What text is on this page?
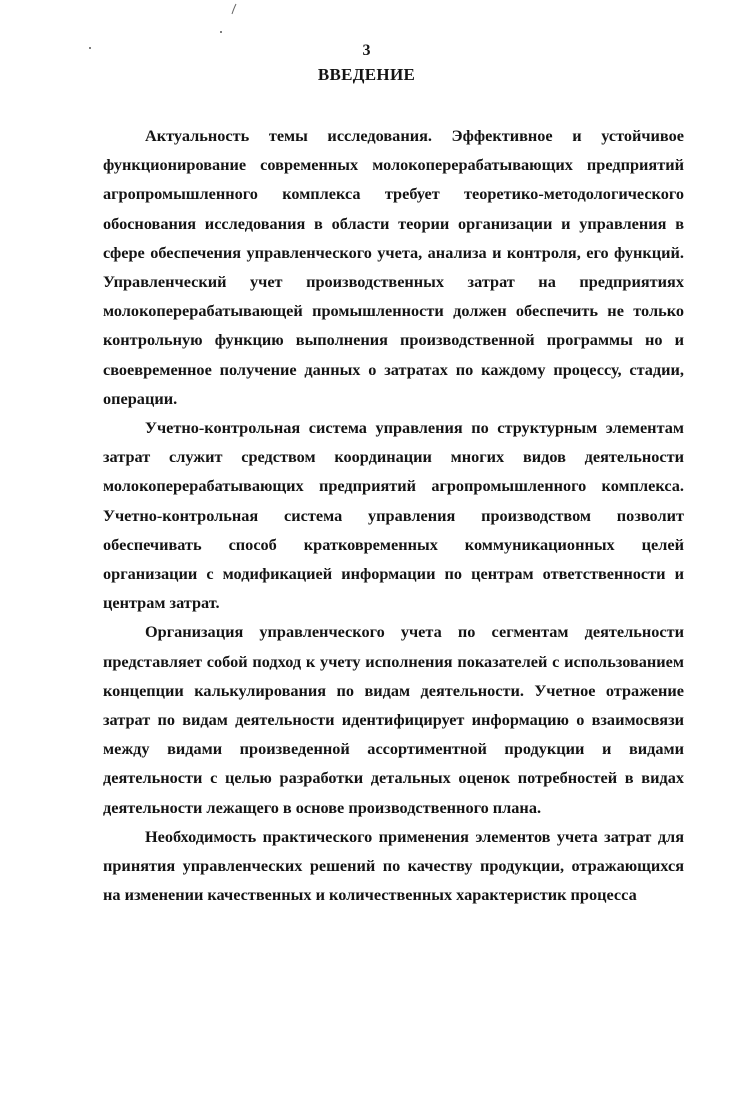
3
ВВЕДЕНИЕ

Актуальность темы исследования. Эффективное и устойчивое функционирование современных молокоперерабатывающих предприятий агропромышленного комплекса требует теоретико-методологического обоснования исследования в области теории организации и управления в сфере обеспечения управленческого учета, анализа и контроля, его функций. Управленческий учет производственных затрат на предприятиях молокоперерабатывающей промышленности должен обеспечить не только контрольную функцию выполнения производственной программы но и своевременное получение данных о затратах по каждому процессу, стадии, операции.

Учетно-контрольная система управления по структурным элементам затрат служит средством координации многих видов деятельности молокоперерабатывающих предприятий агропромышленного комплекса. Учетно-контрольная система управления производством позволит обеспечивать способ кратковременных коммуникационных целей организации с модификацией информации по центрам ответственности и центрам затрат.

Организация управленческого учета по сегментам деятельности представляет собой подход к учету исполнения показателей с использованием концепции калькулирования по видам деятельности. Учетное отражение затрат по видам деятельности идентифицирует информацию о взаимосвязи между видами произведенной ассортиментной продукции и видами деятельности с целью разработки детальных оценок потребностей в видах деятельности лежащего в основе производственного плана.

Необходимость практического применения элементов учета затрат для принятия управленческих решений по качеству продукции, отражающихся на изменении качественных и количественных характеристик процесса
